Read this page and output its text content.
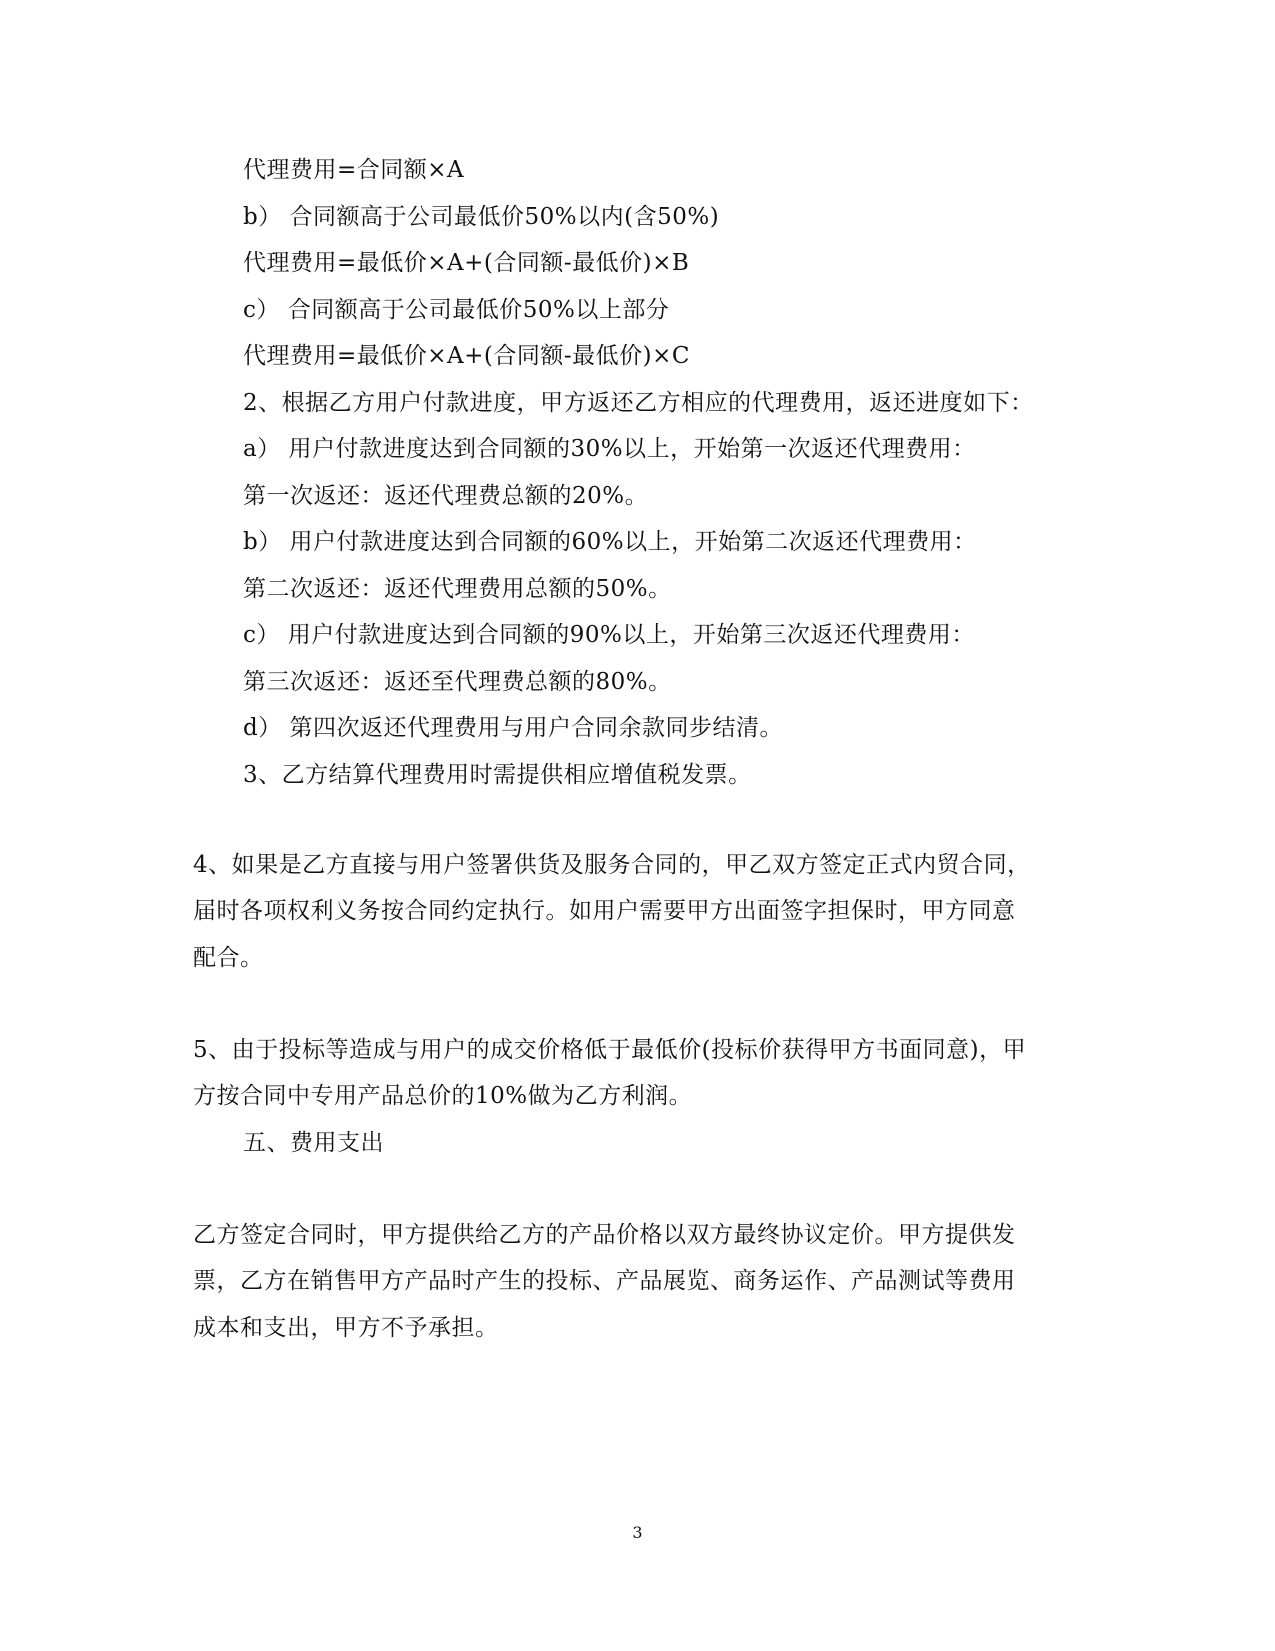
代理费用=合同额×A
b） 合同额高于公司最低价50%以内(含50%)
代理费用=最低价×A+(合同额-最低价)×B
c） 合同额高于公司最低价50%以上部分
代理费用=最低价×A+(合同额-最低价)×C
2、根据乙方用户付款进度，甲方返还乙方相应的代理费用，返还进度如下：
a） 用户付款进度达到合同额的30%以上，开始第一次返还代理费用：
第一次返还：返还代理费总额的20%。
b） 用户付款进度达到合同额的60%以上，开始第二次返还代理费用：
第二次返还：返还代理费用总额的50%。
c） 用户付款进度达到合同额的90%以上，开始第三次返还代理费用：
第三次返还：返还至代理费总额的80%。
d） 第四次返还代理费用与用户合同余款同步结清。
3、乙方结算代理费用时需提供相应增值税发票。
4、如果是乙方直接与用户签署供货及服务合同的，甲乙双方签定正式内贸合同，
届时各项权利义务按合同约定执行。如用户需要甲方出面签字担保时，甲方同意
配合。
5、由于投标等造成与用户的成交价格低于最低价(投标价获得甲方书面同意)，甲
方按合同中专用产品总价的10%做为乙方利润。
五、费用支出
乙方签定合同时，甲方提供给乙方的产品价格以双方最终协议定价。甲方提供发
票，乙方在销售甲方产品时产生的投标、产品展览、商务运作、产品测试等费用
成本和支出，甲方不予承担。
3
